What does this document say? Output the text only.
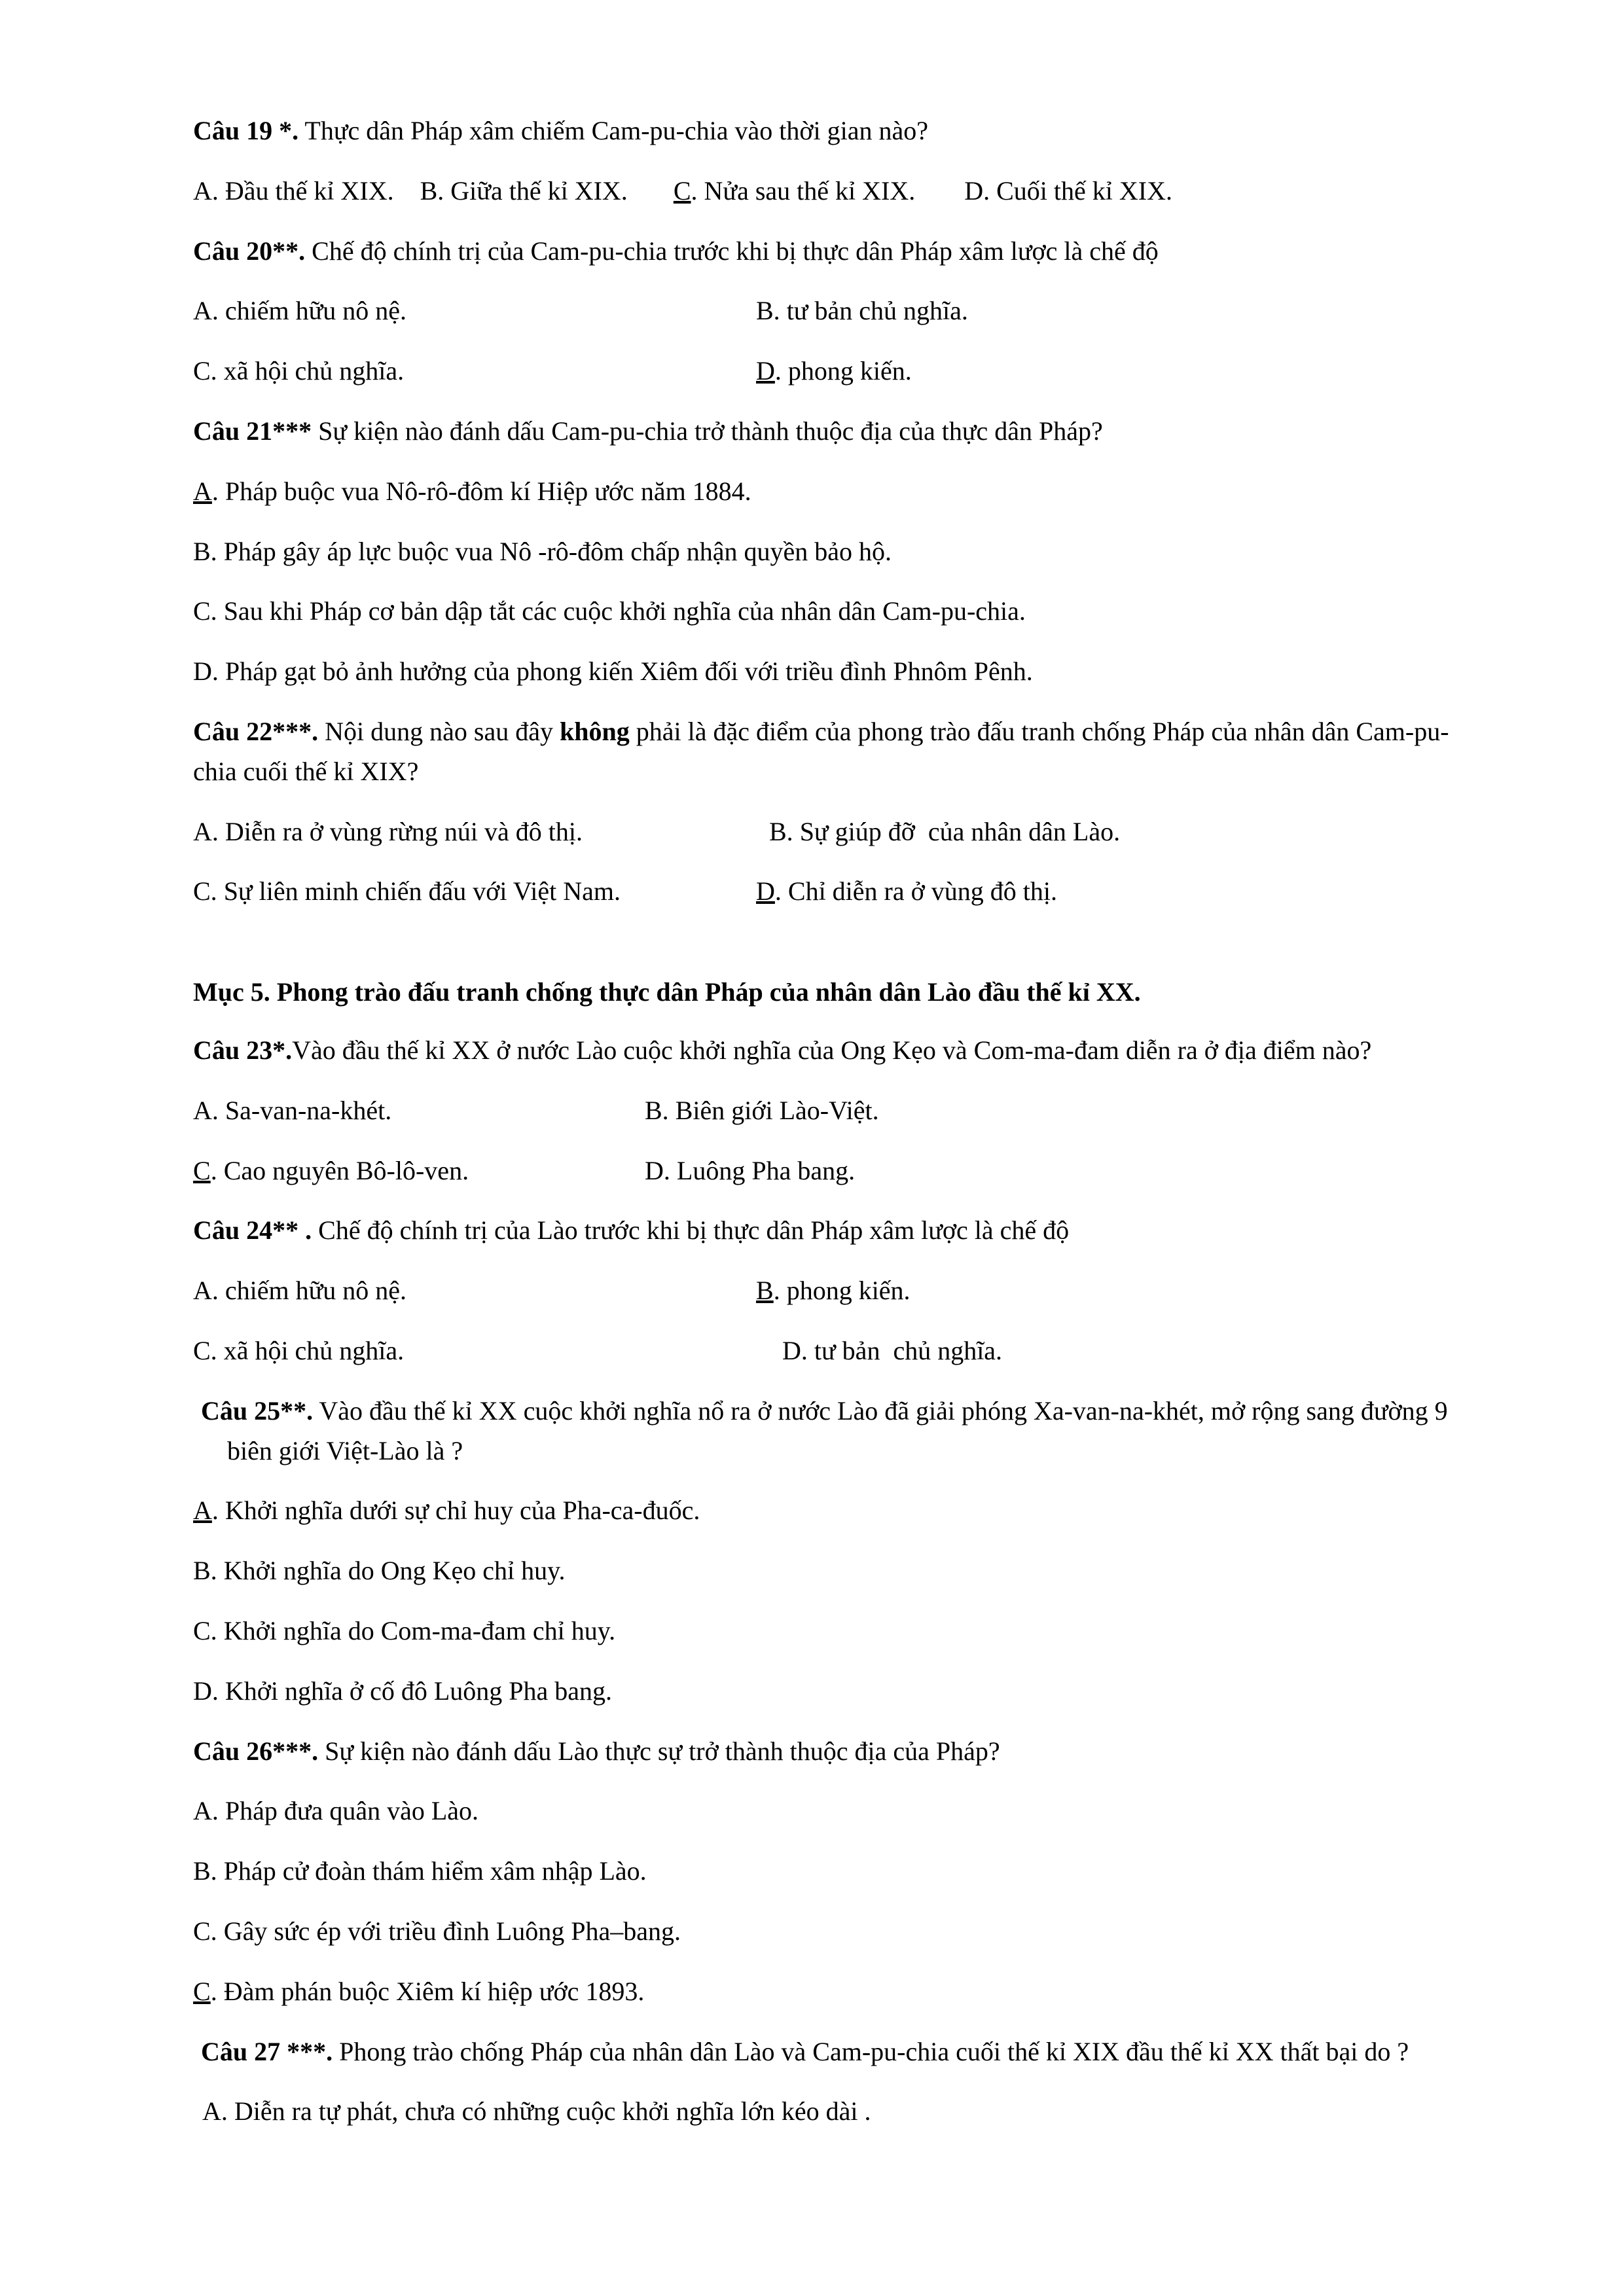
Câu 19 *. Thực dân Pháp xâm chiếm Cam-pu-chia vào thời gian nào?
A. Đầu thế kỉ XIX. B. Giữa thế kỉ XIX. C. Nửa sau thế kỉ XIX. D. Cuối thế kỉ XIX.
Câu 20**. Chế độ chính trị của Cam-pu-chia trước khi bị thực dân Pháp xâm lược là chế độ
A. chiếm hữu nô nệ.	B. tư bản chủ nghĩa.
C. xã hội chủ nghĩa.	D. phong kiến.
Câu 21*** Sự kiện nào đánh dấu Cam-pu-chia trở thành thuộc địa của thực dân Pháp?
A. Pháp buộc vua Nô-rô-đôm kí Hiệp ước năm 1884.
B. Pháp gây áp lực buộc vua Nô -rô-đôm chấp nhận quyền bảo hộ.
C. Sau khi Pháp cơ bản dập tắt các cuộc khởi nghĩa của nhân dân Cam-pu-chia.
D. Pháp gạt bỏ ảnh hưởng của phong kiến Xiêm đối với triều đình Phnôm Pênh.
Câu 22***. Nội dung nào sau đây không phải là đặc điểm của phong trào đấu tranh chống Pháp của nhân dân Cam-pu-chia cuối thế kỉ XIX?
A. Diễn ra ở vùng rừng núi và đô thị.	B. Sự giúp đỡ  của nhân dân Lào.
C. Sự liên minh chiến đấu với Việt Nam.	D. Chỉ diễn ra ở vùng đô thị.
Mục 5. Phong trào đấu tranh chống thực dân Pháp của nhân dân Lào đầu thế kỉ XX.
Câu 23*.Vào đầu thế kỉ XX ở nước Lào cuộc khởi nghĩa của Ong Kẹo và Com-ma-đam diễn ra ở địa điểm nào?
A. Sa-van-na-khét.	B. Biên giới Lào-Việt.
C. Cao nguyên Bô-lô-ven.	D. Luông Pha bang.
Câu 24** . Chế độ chính trị của Lào trước khi bị thực dân Pháp xâm lược là chế độ
A. chiếm hữu nô nệ.	B. phong kiến.
C. xã hội chủ nghĩa.	D. tư bản  chủ nghĩa.
Câu 25**. Vào đầu thế kỉ XX cuộc khởi nghĩa nổ ra ở nước Lào đã giải phóng Xa-van-na-khét, mở rộng sang đường 9 biên giới Việt-Lào là ?
A. Khởi nghĩa dưới sự chỉ huy của Pha-ca-đuốc.
B. Khởi nghĩa do Ong Kẹo chỉ huy.
C. Khởi nghĩa do Com-ma-đam chỉ huy.
D. Khởi nghĩa ở cố đô Luông Pha bang.
Câu 26***. Sự kiện nào đánh dấu Lào thực sự trở thành thuộc địa của Pháp?
A. Pháp đưa quân vào Lào.
B. Pháp cử đoàn thám hiểm xâm nhập Lào.
C. Gây sức ép với triều đình Luông Pha–bang.
C. Đàm phán buộc Xiêm kí hiệp ước 1893.
Câu 27 ***. Phong trào chống Pháp của nhân dân Lào và Cam-pu-chia cuối thế kỉ XIX đầu thế kỉ XX thất bại do ?
A. Diễn ra tự phát, chưa có những cuộc khởi nghĩa lớn kéo dài .
